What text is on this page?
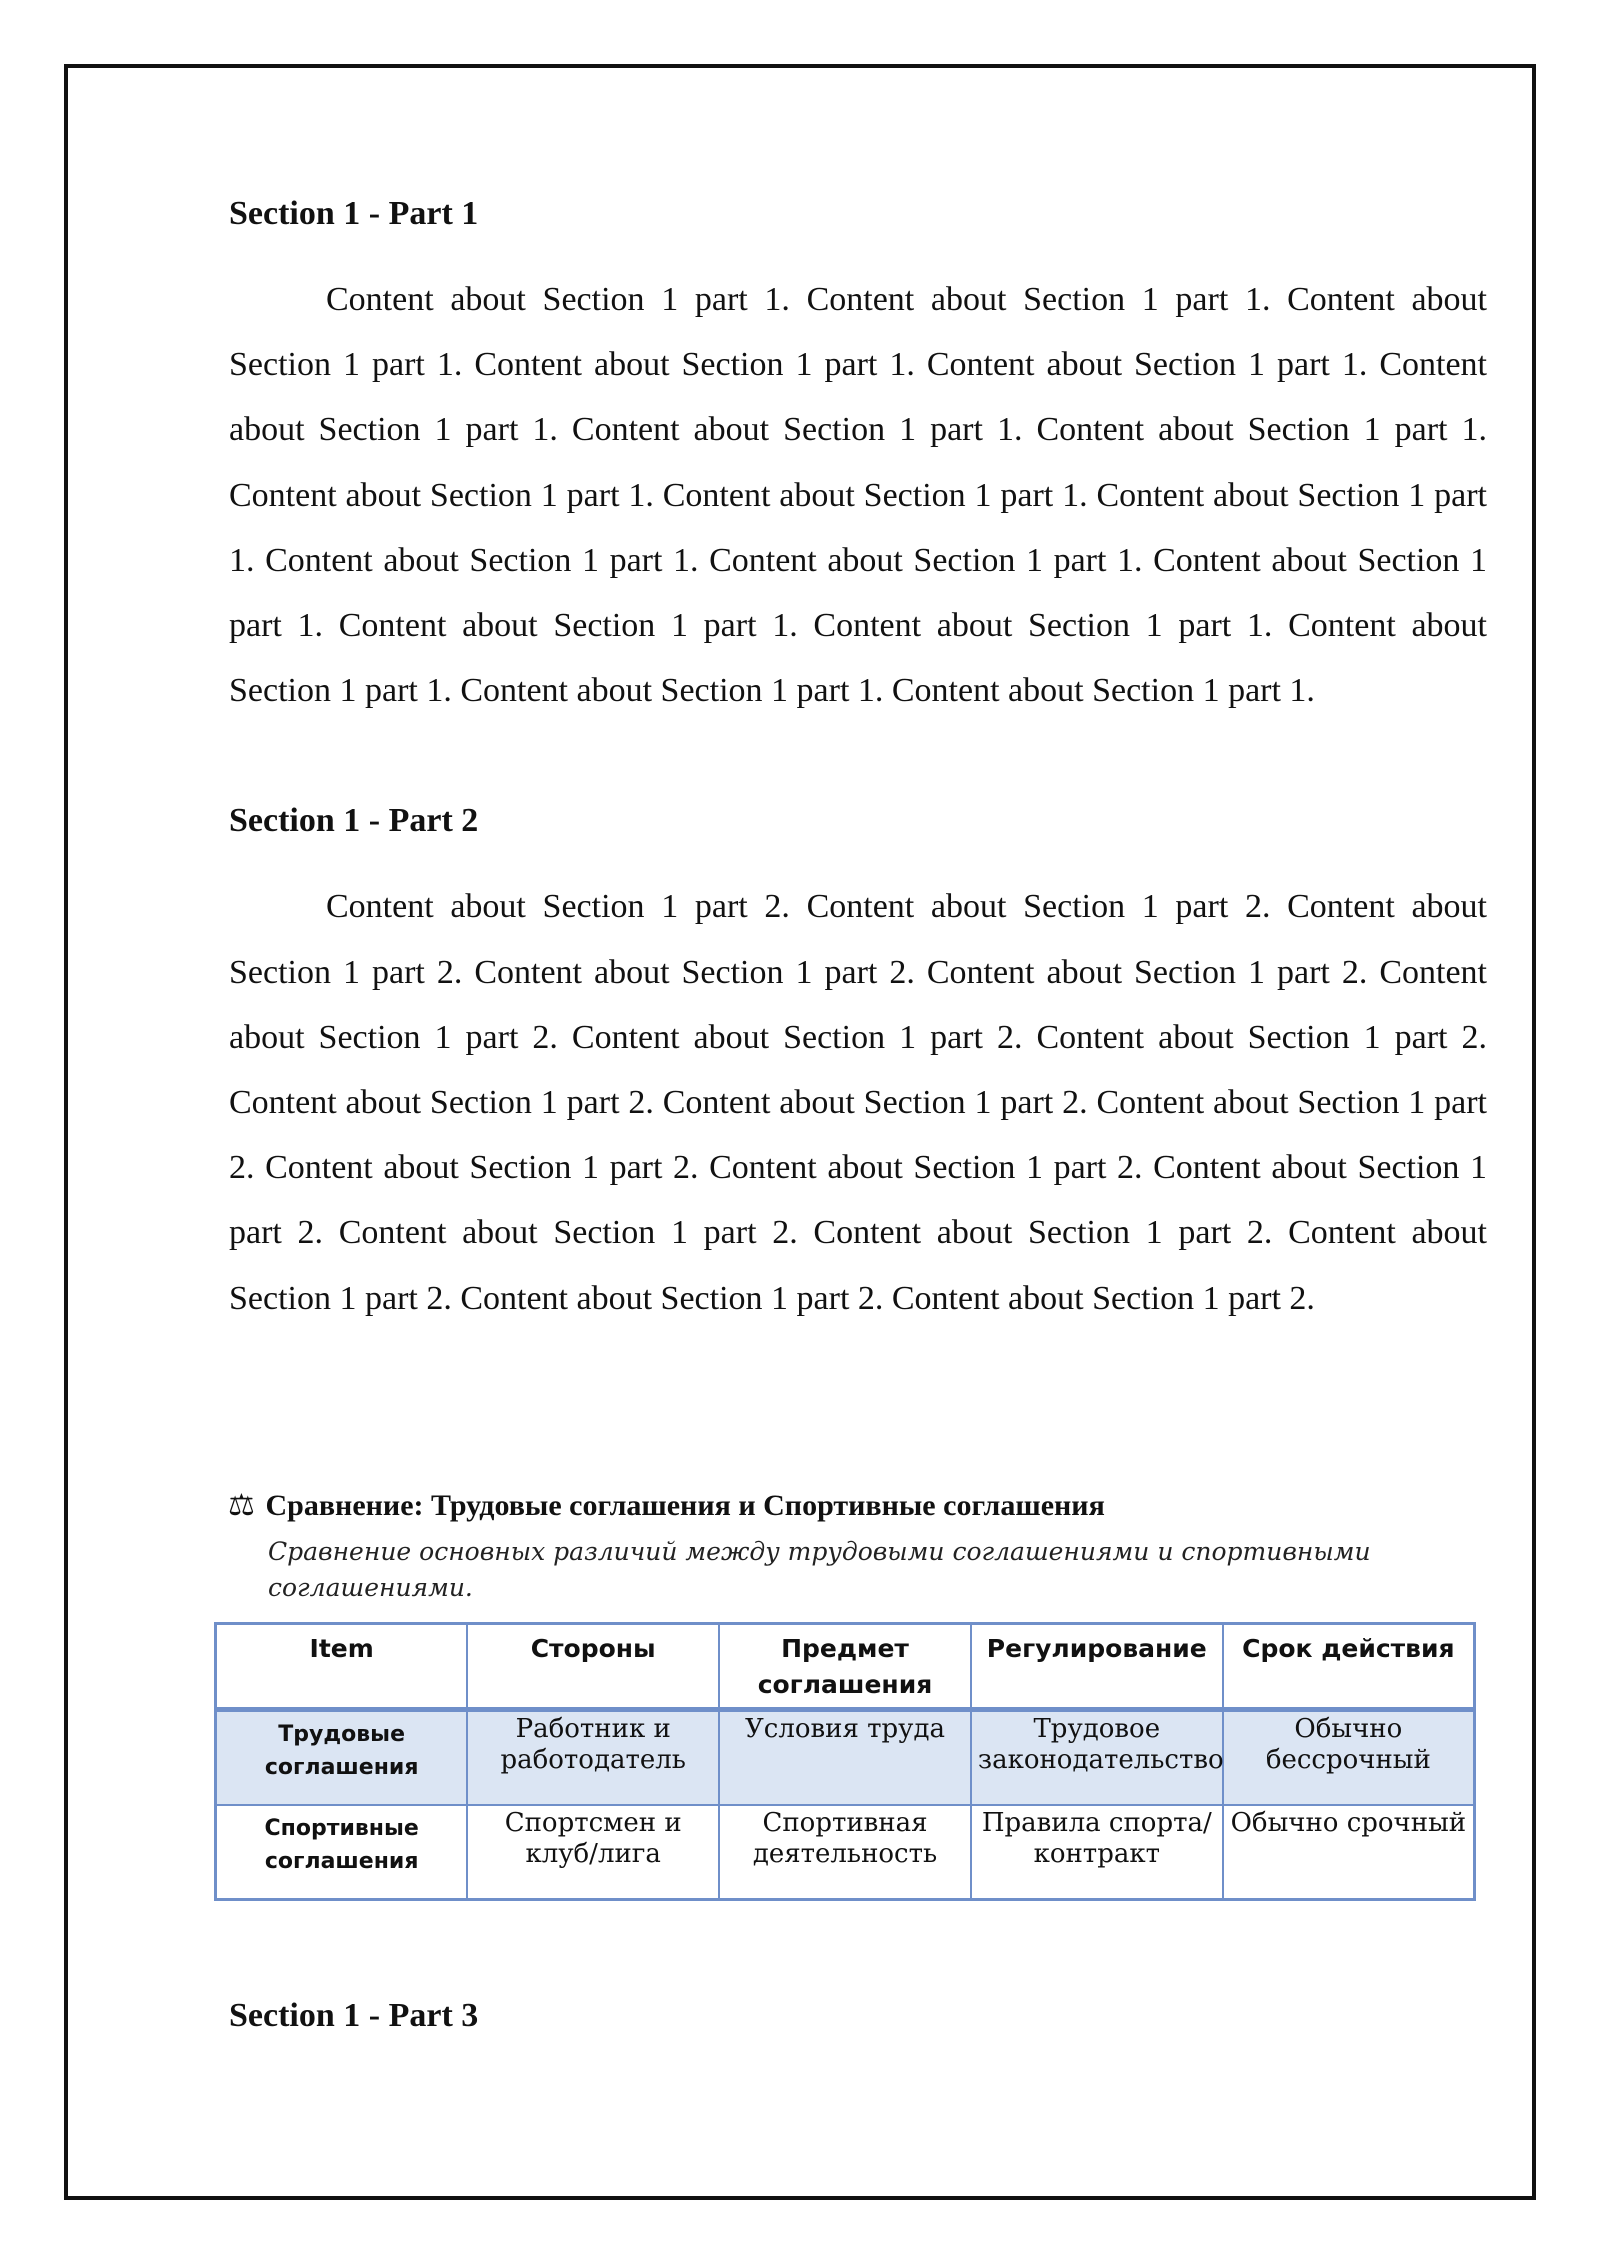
Section 1 - Part 1

Content about Section 1 part 1. Content about Section 1 part 1. Content about Section 1 part 1. Content about Section 1 part 1. Content about Section 1 part 1. Content about Section 1 part 1. Content about Section 1 part 1. Content about Section 1 part 1. Content about Section 1 part 1. Content about Section 1 part 1. Content about Section 1 part 1. Content about Section 1 part 1. Content about Section 1 part 1. Content about Section 1 part 1. Content about Section 1 part 1. Content about Section 1 part 1. Content about Section 1 part 1. Content about Section 1 part 1. Content about Section 1 part 1.

Section 1 - Part 2

Content about Section 1 part 2. Content about Section 1 part 2. Content about Section 1 part 2. Content about Section 1 part 2. Content about Section 1 part 2. Content about Section 1 part 2. Content about Section 1 part 2. Content about Section 1 part 2. Content about Section 1 part 2. Content about Section 1 part 2. Content about Section 1 part 2. Content about Section 1 part 2. Content about Section 1 part 2. Content about Section 1 part 2. Content about Section 1 part 2. Content about Section 1 part 2. Content about Section 1 part 2. Content about Section 1 part 2. Content about Section 1 part 2.

⚖ Сравнение: Трудовые соглашения и Спортивные соглашения
Сравнение основных различий между трудовыми соглашениями и спортивными соглашениями.
Item	Стороны	Предмет соглашения	Регулирование	Срок действия
Трудовые соглашения	Работник и работодатель	Условия труда	Трудовое законодательство	Обычно бессрочный
Спортивные соглашения	Спортсмен и клуб/лига	Спортивная деятельность	Правила спорта/контракт	Обычно срочный
Section 1 - Part 3
